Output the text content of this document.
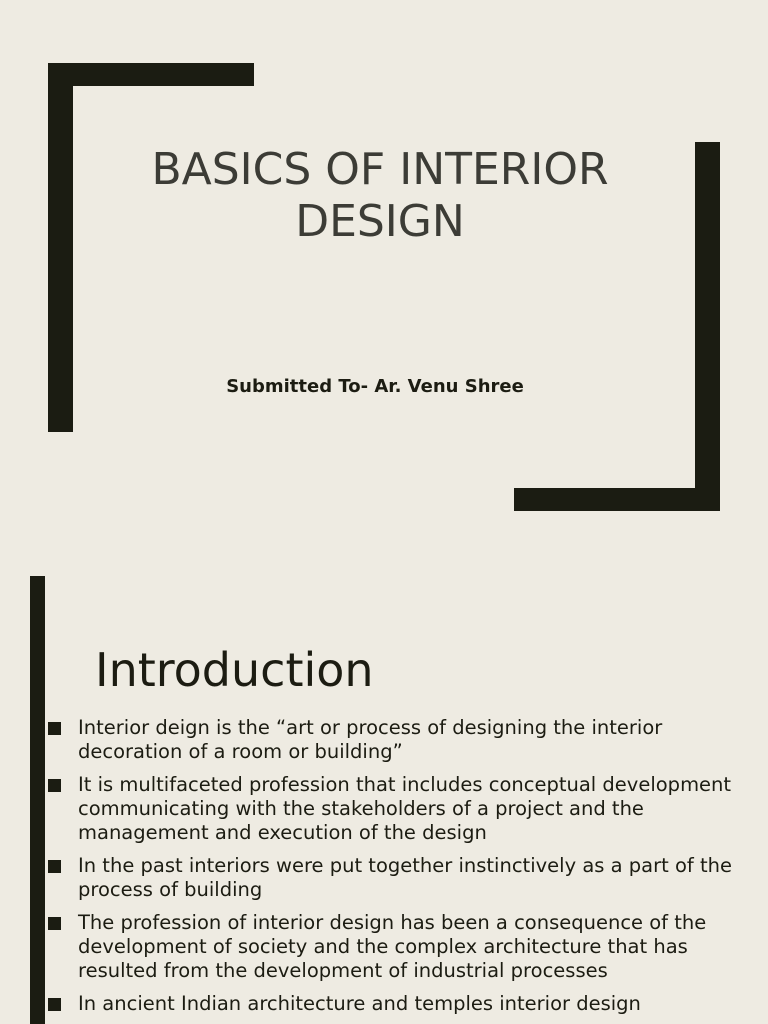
BASICS OF INTERIOR
DESIGN

Submitted To- Ar. Venu Shree

Introduction
Interior deign is the “art or process of designing the interior decoration of a room or building”
It is multifaceted profession that includes conceptual development communicating with the stakeholders of a project and the management and execution of the design
In the past interiors were put together instinctively as a part of the process of building
The profession of interior design has been a consequence of the development of society and the complex architecture that has resulted from the development of industrial processes
In ancient Indian architecture and temples interior design
